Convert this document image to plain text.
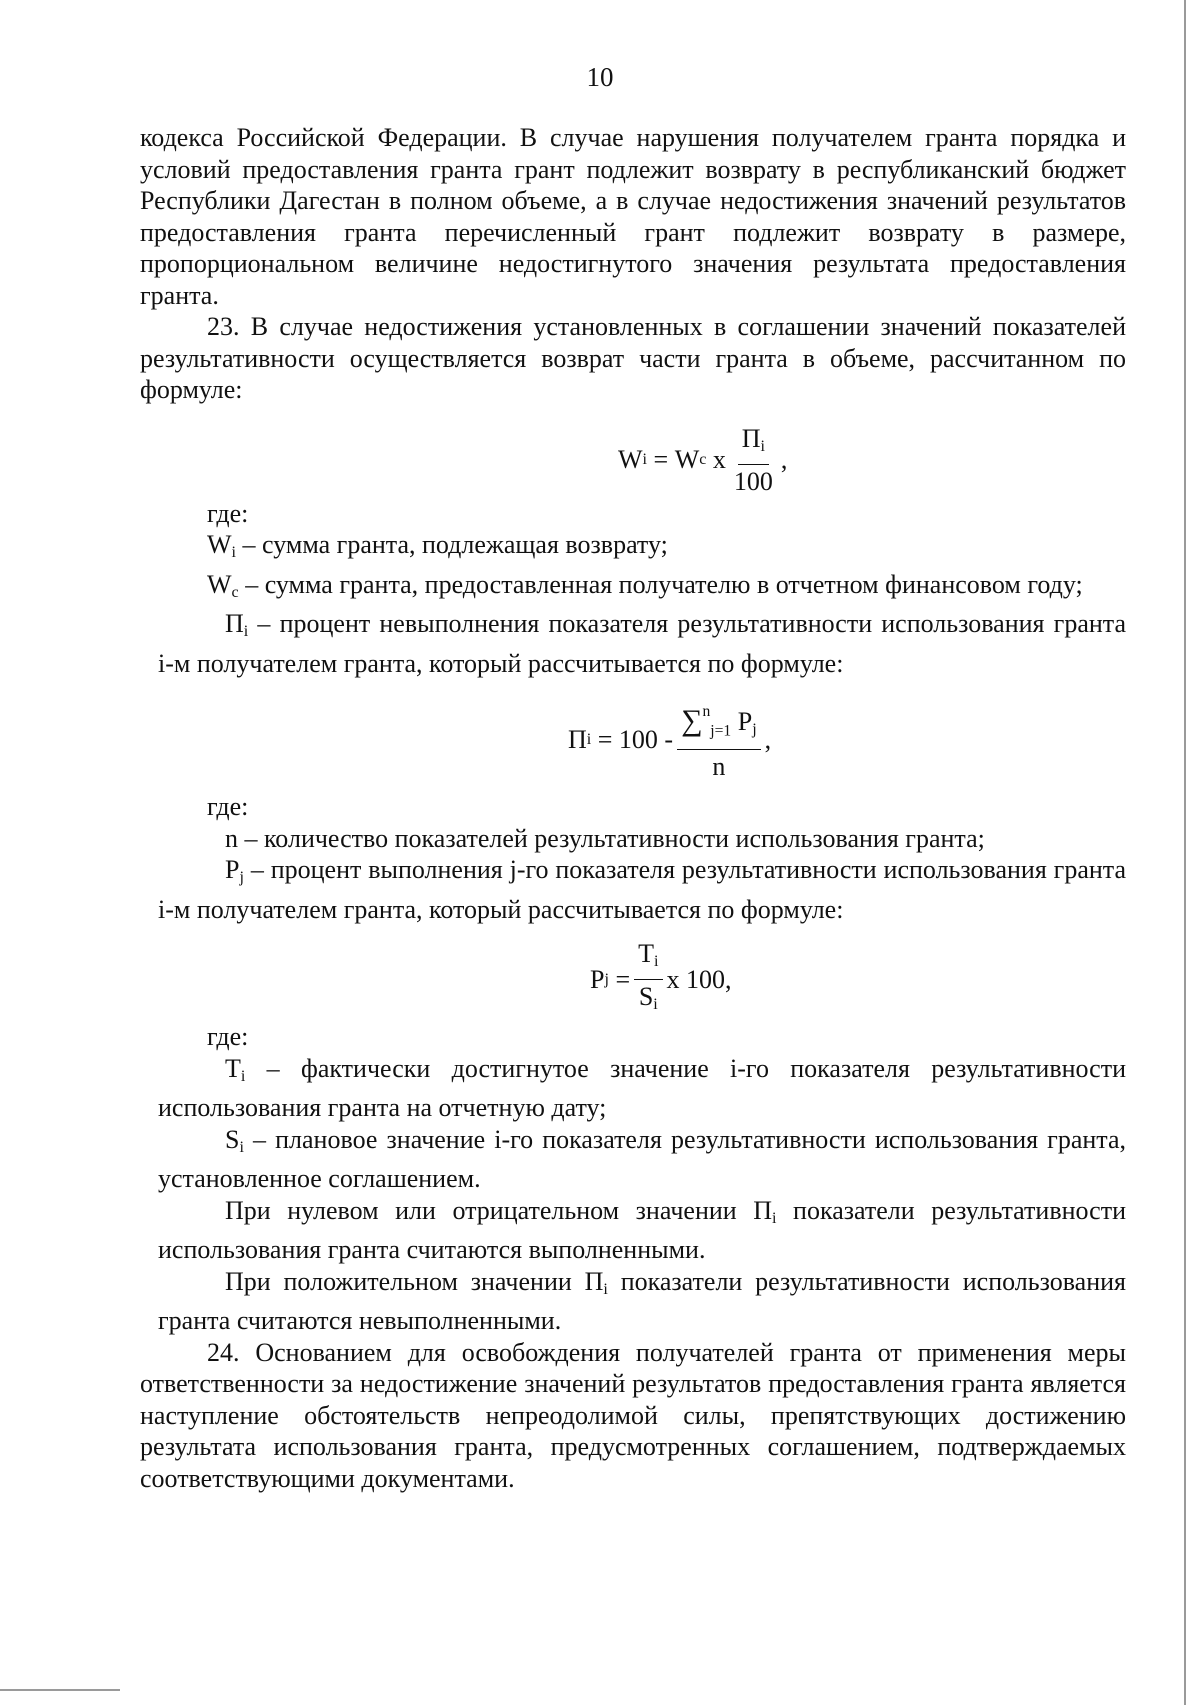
10

кодекса Российской Федерации. В случае нарушения получателем гранта порядка и условий предоставления гранта грант подлежит возврату в республиканский бюджет Республики Дагестан в полном объеме, а в случае недостижения значений результатов предоставления гранта перечисленный грант подлежит возврату в размере, пропорциональном величине недостигнутого значения результата предоставления гранта.

23. В случае недостижения установленных в соглашении значений показателей результативности осуществляется возврат части гранта в объеме, рассчитанном по формуле:

W i
=
W c
x $\frac{П_i}{100}$ ,

где:

$W_i$ – сумма гранта, подлежащая возврату;

$W_c$ – сумма гранта, предоставленная получателю в отчетном финансовом году;

$П_i$ – процент невыполнения показателя результативности использования гранта i-м получателем гранта, который рассчитывается по формуле:

П i
= $100 - \frac{\sum^n_{j=1} P_j}{n}$ ,

где:

n – количество показателей результативности использования гранта;

$P_j$ – процент выполнения j-го показателя результативности использования гранта i-м получателем гранта, который рассчитывается по формуле:

P j
= $\frac{T_i}{S_i}$ x 100 ,

где:

$T_i$ – фактически достигнутое значение i-го показателя результативности использования гранта на отчетную дату;

$S_i$ – плановое значение i-го показателя результативности использования гранта, установленное соглашением.

При нулевом или отрицательном значении $П_i$ показатели результативности использования гранта считаются выполненными.

При положительном значении $П_i$ показатели результативности использования гранта считаются невыполненными.

24. Основанием для освобождения получателей гранта от применения меры ответственности за недостижение значений результатов предоставления гранта является наступление обстоятельств непреодолимой силы, препятствующих достижению результата использования гранта, предусмотренных соглашением, подтверждаемых соответствующими документами.
